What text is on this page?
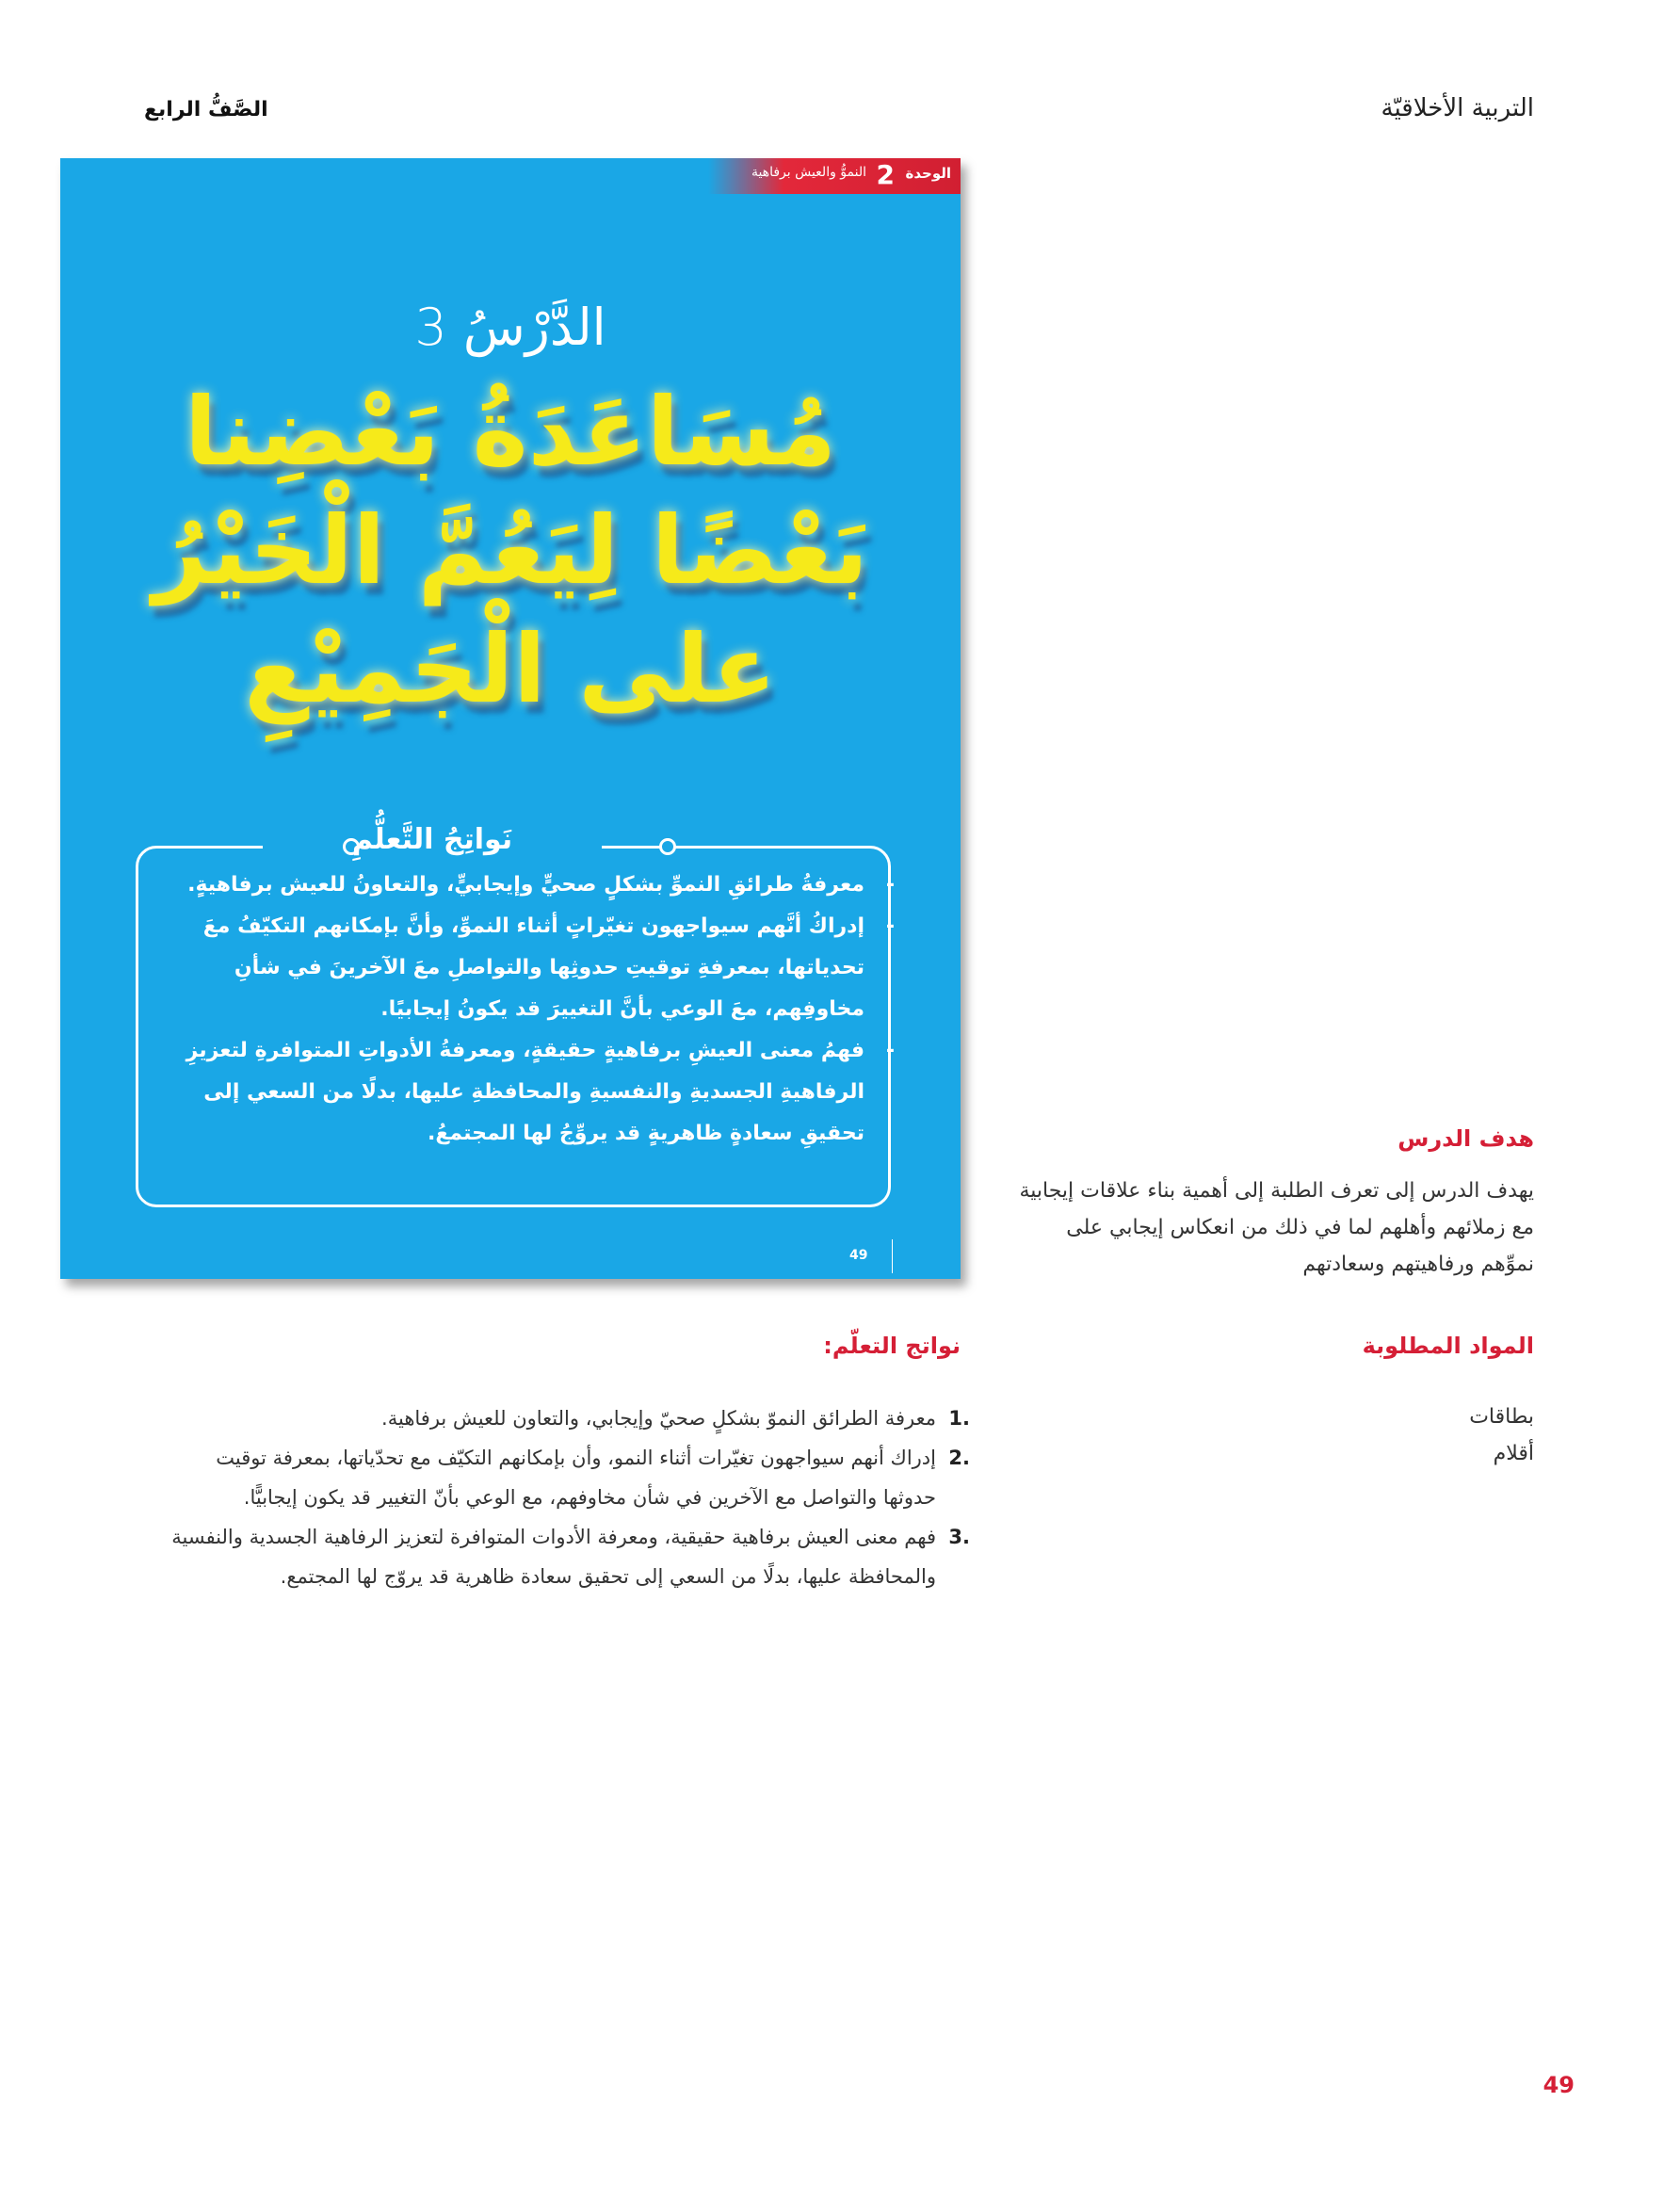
التربية الأخلاقيّة
الصَّفُّ الرابع
الوحدة
2
النموُّ والعيش برفاهية
الدَّرْسُ 3
مُسَاعَدَةُ بَعْضِنا
بَعْضًا لِيَعُمَّ الْخَيْرُ
على الْجَمِيْعِ
نَواتِجُ التَّعلُّمِ
- معرفةُ طرائقِ النموِّ بشكلٍ صحيٍّ وإيجابيٍّ، والتعاونُ للعيش برفاهيةٍ.
- إدراكُ أنَّهم سيواجهون تغيّراتٍ أثناء النموِّ، وأنَّ بإمكانهم التكيّفُ معَ تحدياتها، بمعرفةِ توقيتِ حدوثِها والتواصلِ معَ الآخرينَ في شأنِ مخاوفِهم، معَ الوعي بأنَّ التغييرَ قد يكونُ إيجابيًا.
- فهمُ معنى العيشِ برفاهيةٍ حقيقةٍ، ومعرفةُ الأدواتِ المتوافرةِ لتعزيزِ الرفاهيةِ الجسديةِ والنفسيةِ والمحافظةِ عليها، بدلًا من السعي إلى تحقيقِ سعادةٍ ظاهريةٍ قد يروِّجُ لها المجتمعُ.
49
هدف الدرس
يهدف الدرس إلى تعرف الطلبة إلى أهمية بناء علاقات إيجابية مع زملائهم وأهلهم لما في ذلك من انعكاس إيجابي على نموِّهم ورفاهيتهم وسعادتهم
المواد المطلوبة
بطاقات
أقلام
نواتج التعلّم:
1.
معرفة الطرائق النموّ بشكلٍ صحيّ وإيجابي، والتعاون للعيش برفاهية.
2.
إدراك أنهم سيواجهون تغيّرات أثناء النمو، وأن بإمكانهم التكيّف مع تحدّياتها، بمعرفة توقيت حدوثها والتواصل مع الآخرين في شأن مخاوفهم، مع الوعي بأنّ التغيير قد يكون إيجابيًّا.
3.
فهم معنى العيش برفاهية حقيقية، ومعرفة الأدوات المتوافرة لتعزيز الرفاهية الجسدية والنفسية والمحافظة عليها، بدلًا من السعي إلى تحقيق سعادة ظاهرية قد يروّج لها المجتمع.
49
